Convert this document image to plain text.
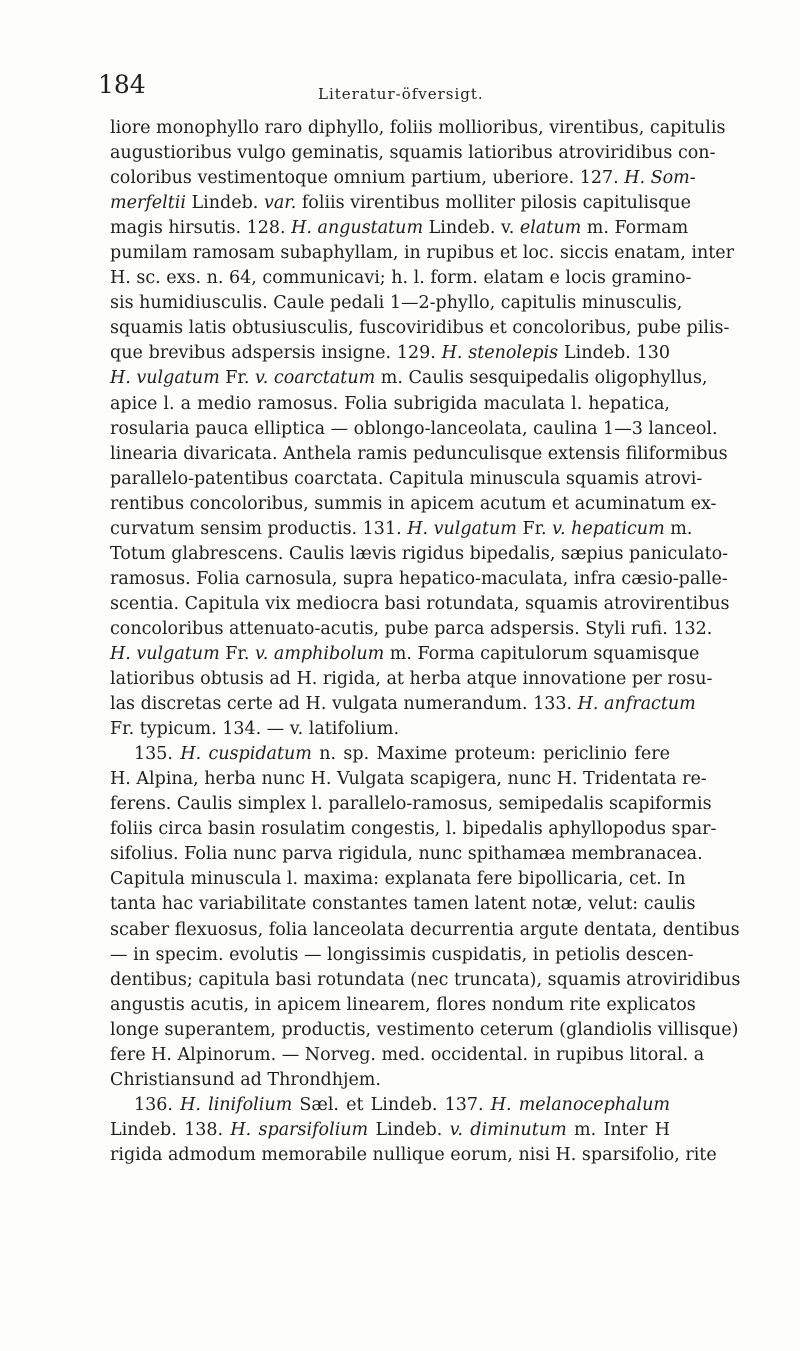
184	Literatur-öfversigt.
liore monophyllo raro diphyllo, foliis mollioribus, virentibus, capitulis
augustioribus vulgo geminatis, squamis latioribus atroviridibus con-
coloribus vestimentoque omnium partium, uberiore. 127. H. Som-
merfeltii Lindeb. var. foliis virentibus molliter pilosis capitulisque
magis hirsutis. 128. H. angustatum Lindeb. v. elatum m. Formam
pumilam ramosam subaphyllam, in rupibus et loc. siccis enatam, inter
H. sc. exs. n. 64, communicavi; h. l. form. elatam e locis gramino-
sis humidiusculis. Caule pedali 1—2-phyllo, capitulis minusculis,
squamis latis obtusiusculis, fuscoviridibus et concoloribus, pube pilis-
que brevibus adspersis insigne. 129. H. stenolepis Lindeb. 130
H. vulgatum Fr. v. coarctatum m. Caulis sesquipedalis oligophyllus,
apice l. a medio ramosus. Folia subrigida maculata l. hepatica,
rosularia pauca elliptica — oblongo-lanceolata, caulina 1—3 lanceol.
linearia divaricata. Anthela ramis pedunculisque extensis filiformibus
parallelo-patentibus coarctata. Capitula minuscula squamis atrovi-
rentibus concoloribus, summis in apicem acutum et acuminatum ex-
curvatum sensim productis. 131. H. vulgatum Fr. v. hepaticum m.
Totum glabrescens. Caulis lævis rigidus bipedalis, sæpius paniculato-
ramosus. Folia carnosula, supra hepatico-maculata, infra cæsio-palle-
scentia. Capitula vix mediocra basi rotundata, squamis atrovirentibus
concoloribus attenuato-acutis, pube parca adspersis. Styli rufi. 132.
H. vulgatum Fr. v. amphibolum m. Forma capitulorum squamisque
latioribus obtusis ad H. rigida, at herba atque innovatione per rosu-
las discretas certe ad H. vulgata numerandum. 133. H. anfractum
Fr. typicum. 134. — v. latifolium.
135. H. cuspidatum n. sp. Maxime proteum: periclinio fere
H. Alpina, herba nunc H. Vulgata scapigera, nunc H. Tridentata re-
ferens. Caulis simplex l. parallelo-ramosus, semipedalis scapiformis
foliis circa basin rosulatim congestis, l. bipedalis aphyllopodus spar-
sifolius. Folia nunc parva rigidula, nunc spithamæa membranacea.
Capitula minuscula l. maxima: explanata fere bipollicaria, cet. In
tanta hac variabilitate constantes tamen latent notæ, velut: caulis
scaber flexuosus, folia lanceolata decurrentia argute dentata, dentibus
— in specim. evolutis — longissimis cuspidatis, in petiolis descen-
dentibus; capitula basi rotundata (nec truncata), squamis atroviridibus
angustis acutis, in apicem linearem, flores nondum rite explicatos
longe superantem, productis, vestimento ceterum (glandiolis villisque)
fere H. Alpinorum. — Norveg. med. occidental. in rupibus litoral. a
Christiansund ad Throndhjem.
136. H. linifolium Sæl. et Lindeb. 137. H. melanocephalum
Lindeb. 138. H. sparsifolium Lindeb. v. diminutum m. Inter H
rigida admodum memorabile nullique eorum, nisi H. sparsifolio, rite
